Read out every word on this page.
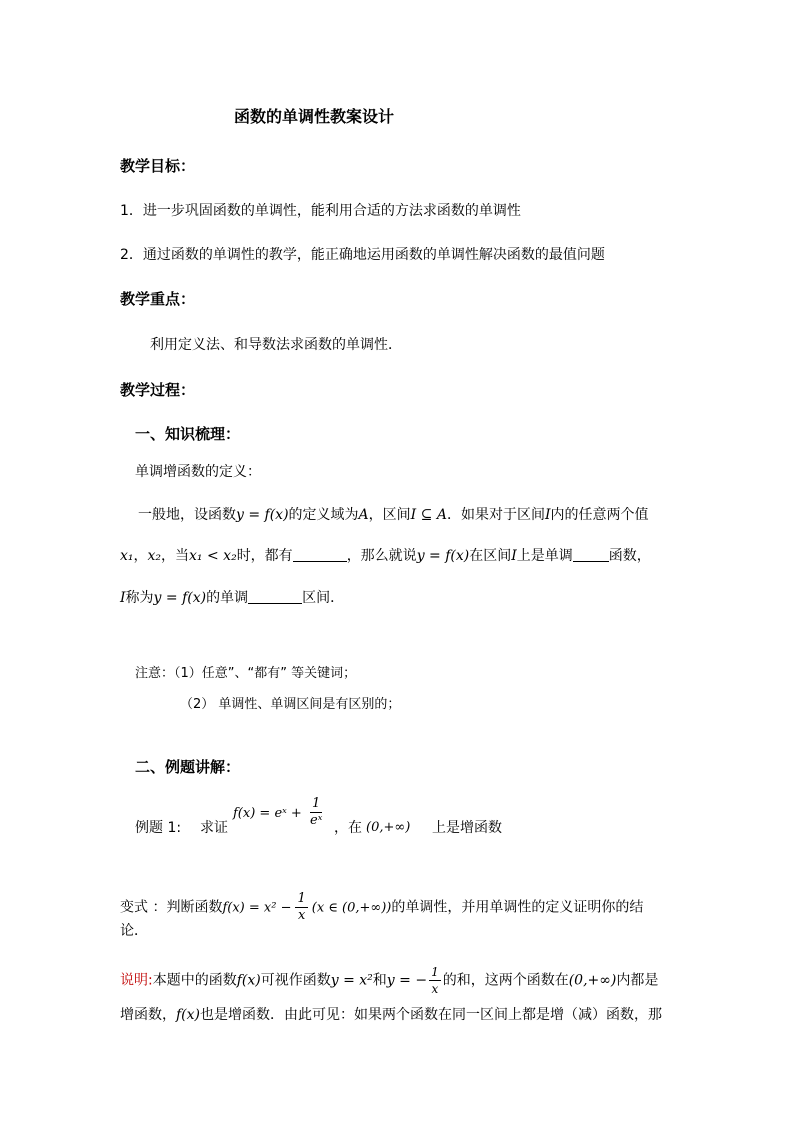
函数的单调性教案设计
教学目标：
1．进一步巩固函数的单调性，能利用合适的方法求函数的单调性
2．通过函数的单调性的教学，能正确地运用函数的单调性解决函数的最值问题
教学重点：
利用定义法、和导数法求函数的单调性．
教学过程：
一、知识梳理：
单调增函数的定义：
一般地，设函数y = f(x)的定义域为A，区间I ⊆ A．如果对于区间I内的任意两个值
x₁，x₂，当x₁ < x₂时，都有	，那么就说y = f(x)在区间I上是单调	函数，
I称为y = f(x)的单调	区间．
注意：（1）任意”、“都有” 等关键词；
（2） 单调性、单调区间是有区别的；
二、例题讲解：
例题 1: 求证
f(x) = eˣ + $\frac{1}{\text{eˣ}}$ ，在 (0,+∞) 上是增函数
变式 ：判断函数$f(x) = x^2 - \frac{1}{x} (x$ ∈ (0,+∞))的单调性，并用单调性的定义证明你的结
论．
说明:本题中的函数f(x)可视作函数y = x²和y = − $\frac{1}{x}$ 的和，这两个函数在(0,+∞)内都是
增函数，f(x)也是增函数．由此可见：如果两个函数在同一区间上都是增（减）函数，那
